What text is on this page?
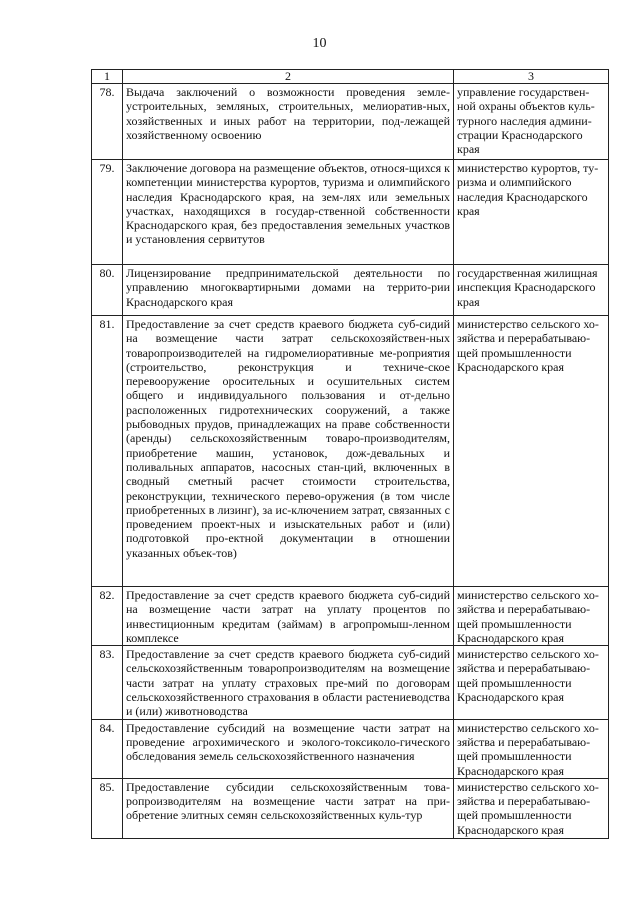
10
1	2	3
78.	Выдача заключений о возможности проведения земле-устроительных, земляных, строительных, мелиоратив-ных, хозяйственных и иных работ на территории, под-лежащей хозяйственному освоению	управление государствен-ной охраны объектов куль-турного наследия админи-страции Краснодарского края
79.	Заключение договора на размещение объектов, относя-щихся к компетенции министерства курортов, туризма и олимпийского наследия Краснодарского края, на зем-лях или земельных участках, находящихся в государ-ственной собственности Краснодарского края, без предоставления земельных участков и установления сервитутов	министерство курортов, ту-ризма и олимпийского наследия Краснодарского края
80.	Лицензирование предпринимательской деятельности по управлению многоквартирными домами на террито-рии Краснодарского края	государственная жилищная инспекция Краснодарского края
81.	Предоставление за счет средств краевого бюджета суб-сидий на возмещение части затрат сельскохозяйствен-ных товаропроизводителей на гидромелиоративные ме-роприятия (строительство, реконструкция и техниче-ское перевооружение оросительных и осушительных систем общего и индивидуального пользования и от-дельно расположенных гидротехнических сооружений, а также рыбоводных прудов, принадлежащих на праве собственности (аренды) сельскохозяйственным товаро-производителям, приобретение машин, установок, дож-девальных и поливальных аппаратов, насосных стан-ций, включенных в сводный сметный расчет стоимости строительства, реконструкции, технического перево-оружения (в том числе приобретенных в лизинг), за ис-ключением затрат, связанных с проведением проект-ных и изыскательных работ и (или) подготовкой про-ектной документации в отношении указанных объек-тов)	министерство сельского хо-зяйства и перерабатываю-щей промышленности Краснодарского края
82.	Предоставление за счет средств краевого бюджета суб-сидий на возмещение части затрат на уплату процентов по инвестиционным кредитам (займам) в агропромыш-ленном комплексе	министерство сельского хо-зяйства и перерабатываю-щей промышленности Краснодарского края
83.	Предоставление за счет средств краевого бюджета суб-сидий сельскохозяйственным товаропроизводителям на возмещение части затрат на уплату страховых пре-мий по договорам сельскохозяйственного страхования в области растениеводства и (или) животноводства	министерство сельского хо-зяйства и перерабатываю-щей промышленности Краснодарского края
84.	Предоставление субсидий на возмещение части затрат на проведение агрохимического и эколого-токсиколо-гического обследования земель сельскохозяйственного назначения	министерство сельского хо-зяйства и перерабатываю-щей промышленности Краснодарского края
85.	Предоставление субсидии сельскохозяйственным това-ропроизводителям на возмещение части затрат на при-обретение элитных семян сельскохозяйственных куль-тур	министерство сельского хо-зяйства и перерабатываю-щей промышленности Краснодарского края
